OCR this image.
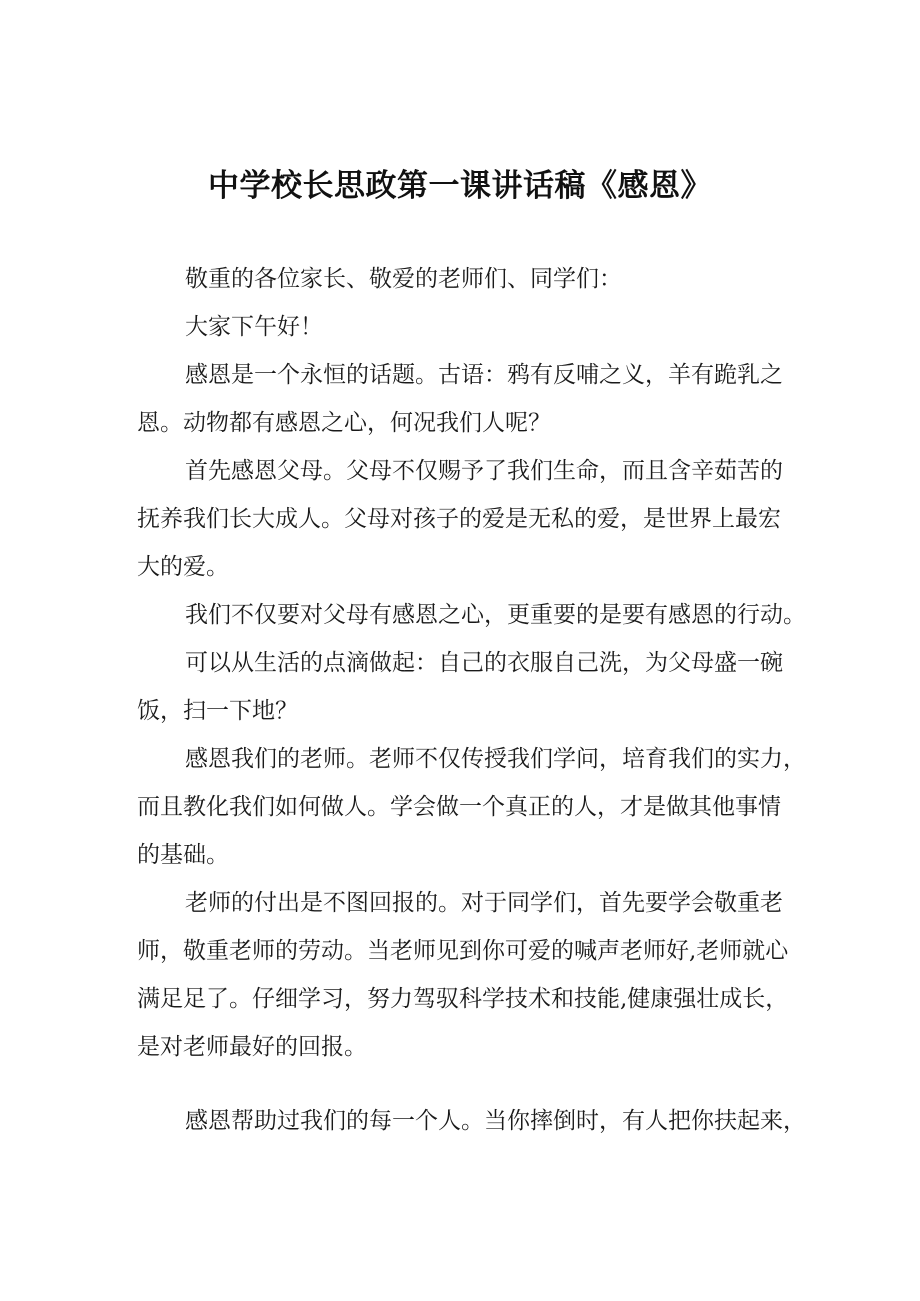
中学校长思政第一课讲话稿《感恩》

敬重的各位家长、敬爱的老师们、同学们：

大家下午好！

感恩是一个永恒的话题。古语：鸦有反哺之义，羊有跪乳之

恩。动物都有感恩之心，何况我们人呢？

首先感恩父母。父母不仅赐予了我们生命，而且含辛茹苦的

抚养我们长大成人。父母对孩子的爱是无私的爱，是世界上最宏

大的爱。

我们不仅要对父母有感恩之心，更重要的是要有感恩的行动。

可以从生活的点滴做起：自己的衣服自己洗，为父母盛一碗

饭，扫一下地？

感恩我们的老师。老师不仅传授我们学问，培育我们的实力，

而且教化我们如何做人。学会做一个真正的人，才是做其他事情

的基础。

老师的付出是不图回报的。对于同学们，首先要学会敬重老

师，敬重老师的劳动。当老师见到你可爱的喊声老师好,老师就心

满足足了。仔细学习，努力驾驭科学技术和技能,健康强壮成长，

是对老师最好的回报。

感恩帮助过我们的每一个人。当你摔倒时，有人把你扶起来，
